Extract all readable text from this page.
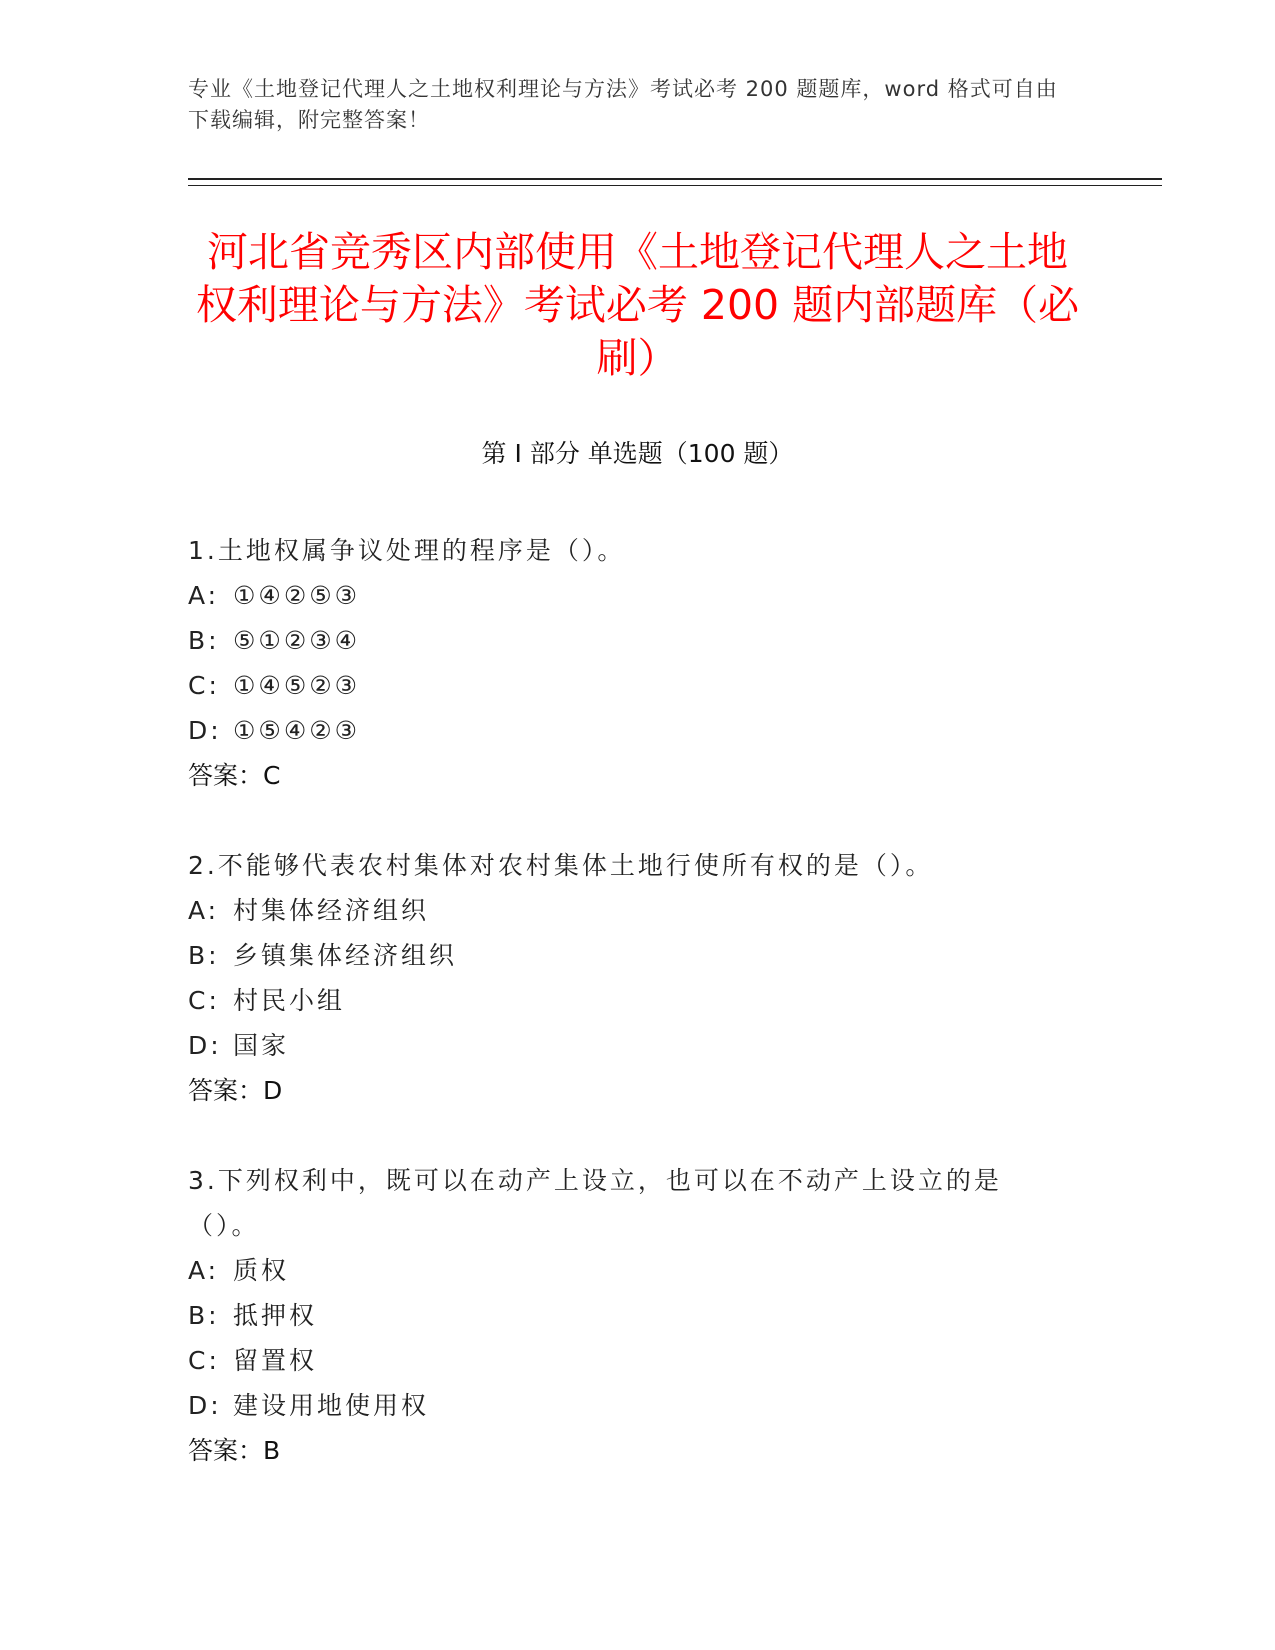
专业《土地登记代理人之土地权利理论与方法》考试必考 200 题题库，word 格式可自由下载编辑，附完整答案！
河北省竞秀区内部使用《土地登记代理人之土地权利理论与方法》考试必考 200 题内部题库（必刷）
第 I 部分 单选题（100 题）
1.土地权属争议处理的程序是（）。
A: ①④②⑤③
B: ⑤①②③④
C: ①④⑤②③
D: ①⑤④②③
答案：C
2.不能够代表农村集体对农村集体土地行使所有权的是（）。
A: 村集体经济组织
B: 乡镇集体经济组织
C: 村民小组
D: 国家
答案：D
3.下列权利中，既可以在动产上设立，也可以在不动产上设立的是（）。
A: 质权
B: 抵押权
C: 留置权
D: 建设用地使用权
答案：B
